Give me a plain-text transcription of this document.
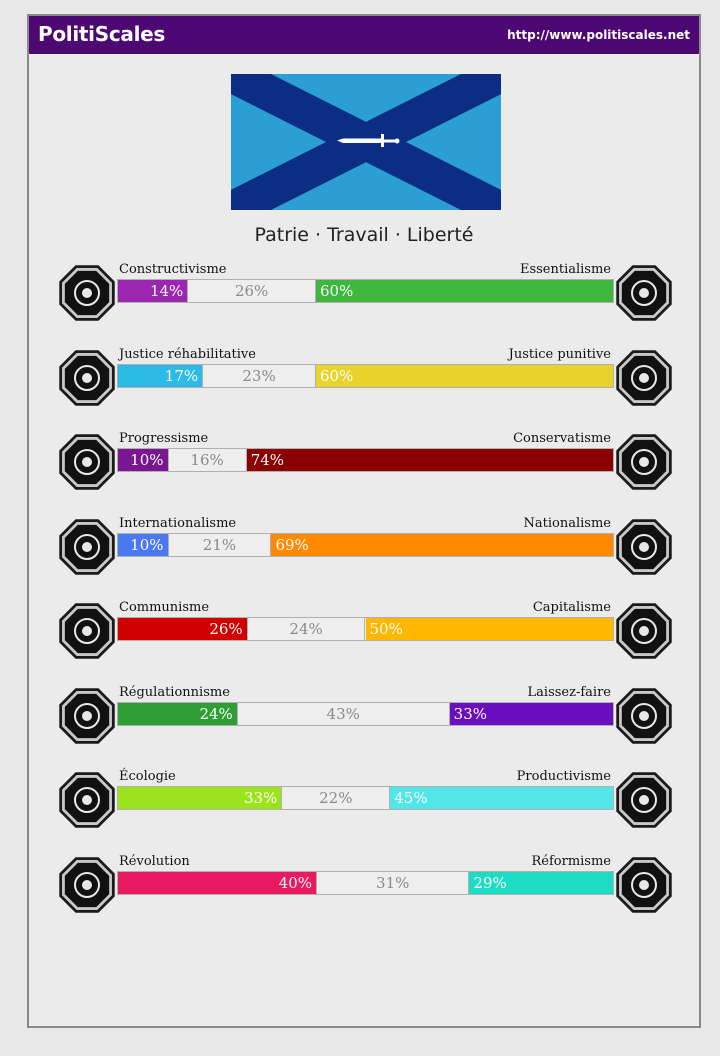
PolitiScales	http://www.politiscales.net
Patrie · Travail · Liberté
Constructivisme	Essentialisme
14%	26%	60%
Justice réhabilitative	Justice punitive
17%	23%	60%
Progressisme	Conservatisme
10%	16%	74%
Internationalisme	Nationalisme
10%	21%	69%
Communisme	Capitalisme
26%	24%	50%
Régulationnisme	Laissez-faire
24%	43%	33%
Écologie	Productivisme
33%	22%	45%
Révolution	Réformisme
40%	31%	29%
